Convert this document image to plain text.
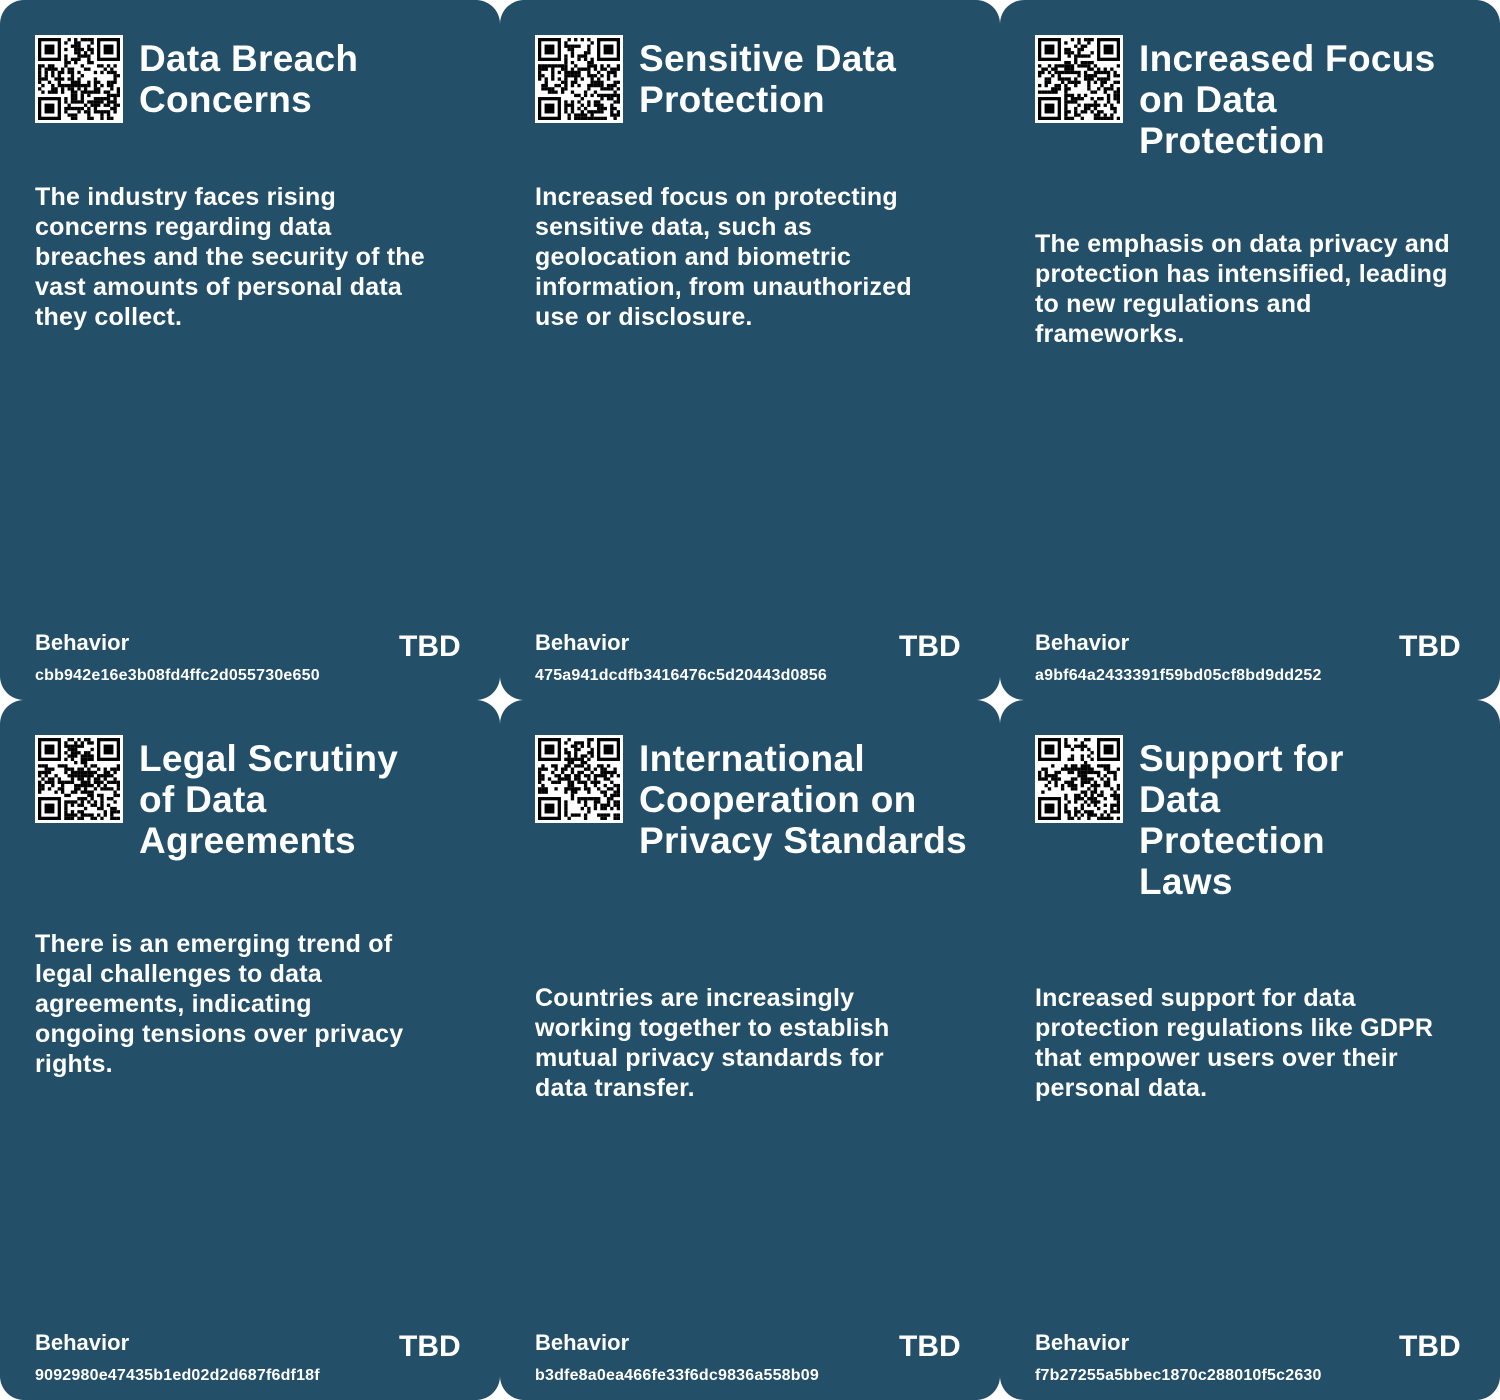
Data Breach Concerns

The industry faces rising concerns regarding data breaches and the security of the vast amounts of personal data they collect.

Behavior	TBD
cbb942e16e3b08fd4ffc2d055730e650
Sensitive Data Protection

Increased focus on protecting sensitive data, such as geolocation and biometric information, from unauthorized use or disclosure.

Behavior	TBD
475a941dcdfb3416476c5d20443d0856
Increased Focus on Data Protection

The emphasis on data privacy and protection has intensified, leading to new regulations and frameworks.

Behavior	TBD
a9bf64a2433391f59bd05cf8bd9dd252
Legal Scrutiny of Data Agreements

There is an emerging trend of legal challenges to data agreements, indicating ongoing tensions over privacy rights.

Behavior	TBD
9092980e47435b1ed02d2d687f6df18f
International Cooperation on Privacy Standards

Countries are increasingly working together to establish mutual privacy standards for data transfer.

Behavior	TBD
b3dfe8a0ea466fe33f6dc9836a558b09
Support for Data Protection Laws

Increased support for data protection regulations like GDPR that empower users over their personal data.

Behavior	TBD
f7b27255a5bbec1870c288010f5c2630
